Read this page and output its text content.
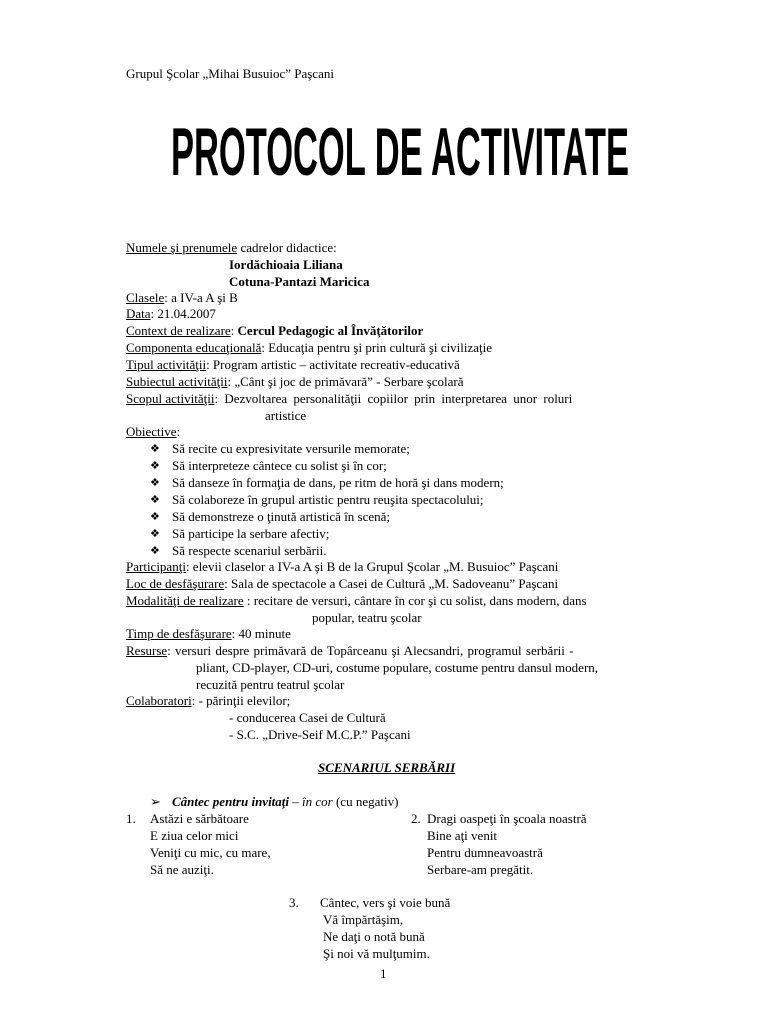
Grupul Şcolar „Mihai Busuioc” Paşcani
PROTOCOL DE ACTIVITATE
Numele şi prenumele cadrelor didactice:
Iordăchioaia Liliana
Cotuna-Pantazi Maricica
Clasele: a IV-a A şi B
Data: 21.04.2007
Context de realizare: Cercul Pedagogic al Învăţătorilor
Componenta educaţională: Educaţia pentru şi prin cultură şi civilizaţie
Tipul activităţii: Program artistic – activitate recreativ-educativă
Subiectul activităţii: „Cânt şi joc de primăvară” - Serbare şcolară
Scopul activităţii: Dezvoltarea personalităţii copiilor prin interpretarea unor roluri
artistice
Obiective:
❖ Să recite cu expresivitate versurile memorate;
❖ Să interpreteze cântece cu solist şi în cor;
❖ Să danseze în formaţia de dans, pe ritm de horă şi dans modern;
❖ Să colaboreze în grupul artistic pentru reuşita spectacolului;
❖ Să demonstreze o ţinută artistică în scenă;
❖ Să participe la serbare afectiv;
❖ Să respecte scenariul serbării.
Participanţi: elevii claselor a IV-a A şi B de la Grupul Şcolar „M. Busuioc” Paşcani
Loc de desfăşurare: Sala de spectacole a Casei de Cultură „M. Sadoveanu” Paşcani
Modalităţi de realizare : recitare de versuri, cântare în cor şi cu solist, dans modern, dans
popular, teatru şcolar
Timp de desfăşurare: 40 minute
Resurse: versuri despre primăvară de Topârceanu şi Alecsandri, programul serbării -
pliant, CD-player, CD-uri, costume populare, costume pentru dansul modern,
recuzită pentru teatrul şcolar
Colaboratori: - părinţii elevilor;
- conducerea Casei de Cultură
- S.C. „Drive-Seif M.C.P.” Paşcani
SCENARIUL SERBĂRII
➢ Cântec pentru invitaţi – în cor (cu negativ)
1. Astăzi e sărbătoare
E ziua celor mici
Veniţi cu mic, cu mare,
Să ne auziţi.
2. Dragi oaspeţi în şcoala noastră
Bine aţi venit
Pentru dumneavoastră
Serbare-am pregătit.
3. Cântec, vers şi voie bună
Vă împărtăşim,
Ne daţi o notă bună
Şi noi vă mulţumim.
1
